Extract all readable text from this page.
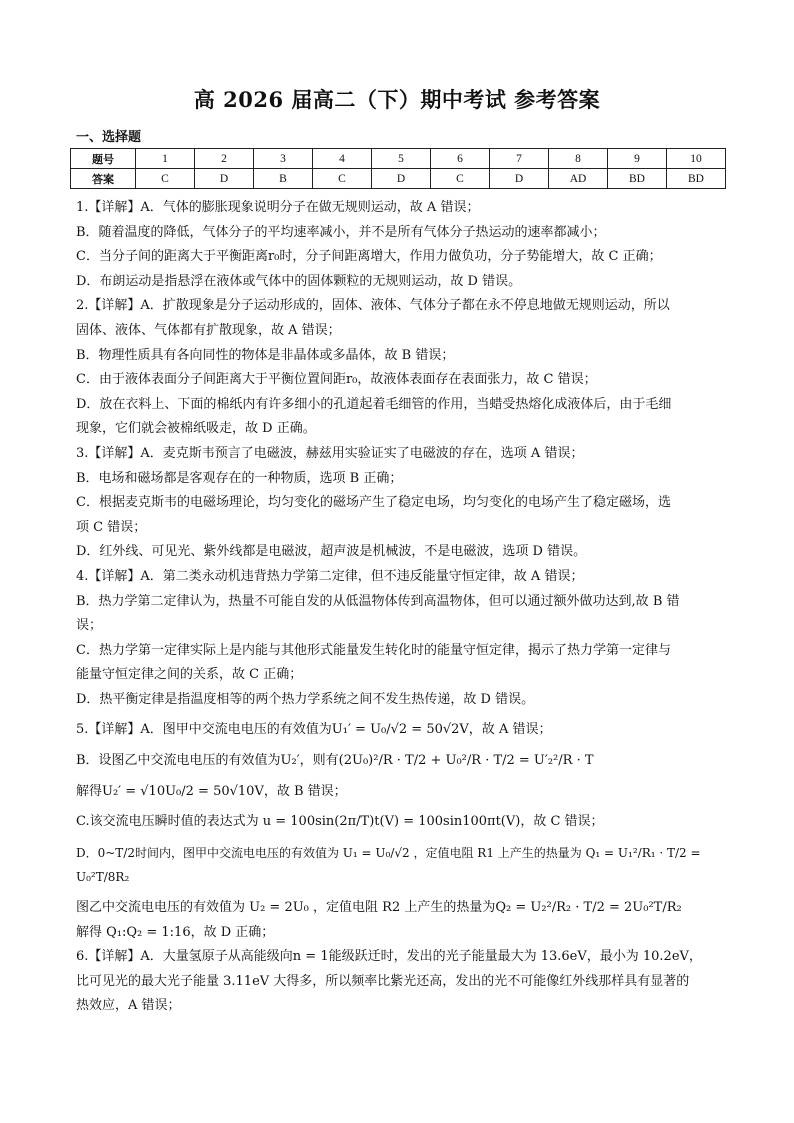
高 2026 届高二（下）期中考试 参考答案
一、选择题
题号	1	2	3	4	5	6	7	8	9	10
答案	C	D	B	C	D	C	D	AD	BD	BD

1.【详解】A．气体的膨胀现象说明分子在做无规则运动，故 A 错误；

B．随着温度的降低，气体分子的平均速率减小，并不是所有气体分子热运动的速率都减小；

C．当分子间的距离大于平衡距离r₀时，分子间距离增大，作用力做负功，分子势能增大，故 C 正确；

D．布朗运动是指悬浮在液体或气体中的固体颗粒的无规则运动，故 D 错误。

2.【详解】A．扩散现象是分子运动形成的，固体、液体、气体分子都在永不停息地做无规则运动，所以

固体、液体、气体都有扩散现象，故 A 错误；

B．物理性质具有各向同性的物体是非晶体或多晶体，故 B 错误；

C．由于液体表面分子间距离大于平衡位置间距r₀，故液体表面存在表面张力，故 C 错误；

D．放在衣料上、下面的棉纸内有许多细小的孔道起着毛细管的作用，当蜡受热熔化成液体后，由于毛细

现象，它们就会被棉纸吸走，故 D 正确。

3.【详解】A．麦克斯韦预言了电磁波，赫兹用实验证实了电磁波的存在，选项 A 错误；

B．电场和磁场都是客观存在的一种物质，选项 B 正确；

C．根据麦克斯韦的电磁场理论，均匀变化的磁场产生了稳定电场，均匀变化的电场产生了稳定磁场，选

项 C 错误；

D．红外线、可见光、紫外线都是电磁波，超声波是机械波，不是电磁波，选项 D 错误。

4.【详解】A．第二类永动机违背热力学第二定律，但不违反能量守恒定律，故 A 错误；

B．热力学第二定律认为，热量不可能自发的从低温物体传到高温物体，但可以通过额外做功达到,故 B 错

误；

C．热力学第一定律实际上是内能与其他形式能量发生转化时的能量守恒定律，揭示了热力学第一定律与

能量守恒定律之间的关系，故 C 正确；

D．热平衡定律是指温度相等的两个热力学系统之间不发生热传递，故 D 错误。

5.【详解】A．图甲中交流电电压的有效值为U₁′ = U₀/√2 = 50√2V，故 A 错误；

B．设图乙中交流电电压的有效值为U₂′，则有(2U₀)²/R · T/2 + U₀²/R · T/2 = U′₂²/R · T

解得U₂′ = √10U₀/2 = 50√10V，故 B 错误；

C.该交流电压瞬时值的表达式为 u = 100sin(2π/T)t(V) = 100sin100πt(V)，故 C 错误；

D．0~T/2时间内，图甲中交流电电压的有效值为 U₁ = U₀/√2 ，定值电阻 R1 上产生的热量为 Q₁ = U₁²/R₁ · T/2 = U₀²T/8R₂

图乙中交流电电压的有效值为 U₂ = 2U₀ ，定值电阻 R2 上产生的热量为Q₂ = U₂²/R₂ · T/2 = 2U₀²T/R₂

解得 Q₁:Q₂ = 1:16，故 D 正确；

6.【详解】A．大量氢原子从高能级向n = 1能级跃迁时，发出的光子能量最大为 13.6eV，最小为 10.2eV，

比可见光的最大光子能量 3.11eV 大得多，所以频率比紫光还高，发出的光不可能像红外线那样具有显著的

热效应，A 错误；
